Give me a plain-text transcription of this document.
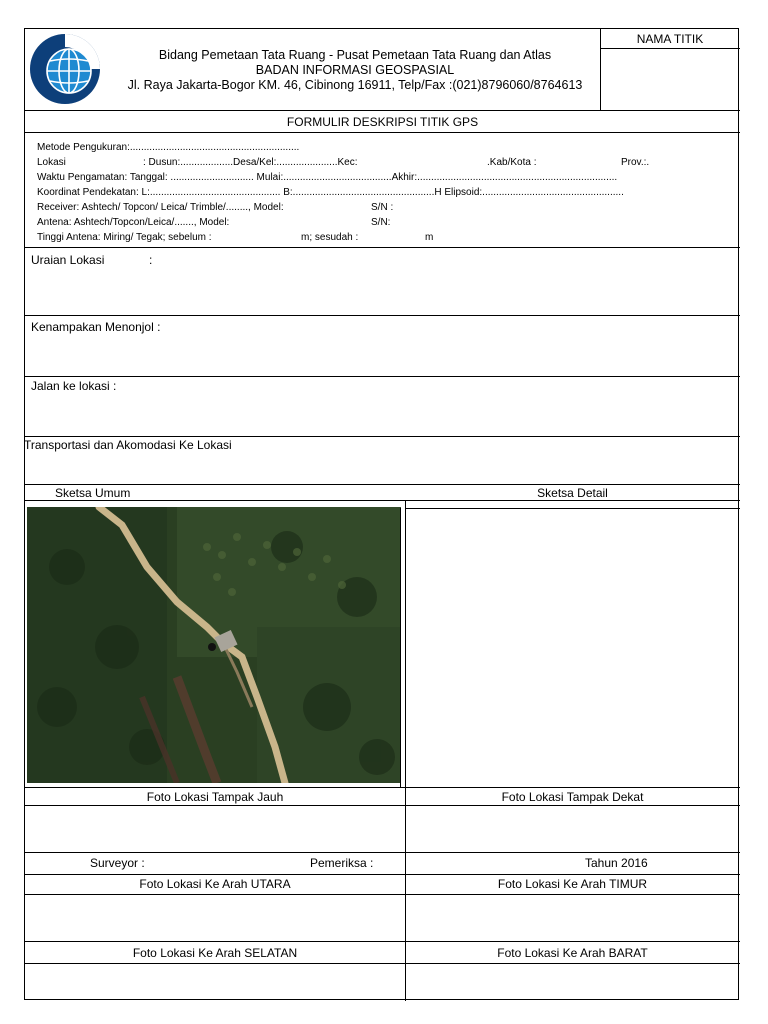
Bidang Pemetaan Tata Ruang - Pusat Pemetaan Tata Ruang dan Atlas
BADAN INFORMASI GEOSPASIAL
Jl. Raya Jakarta-Bogor KM. 46, Cibinong 16911, Telp/Fax :(021)8796060/8764613
NAMA TITIK
FORMULIR DESKRIPSI TITIK GPS
Metode Pengukuran:.............................................................
Lokasi	: Dusun:...................Desa/Kel:......................Kec:	.Kab/Kota :	Prov.:.
Waktu Pengamatan: Tanggal: .............................. Mulai:.......................................Akhir:........................................................................
Koordinat Pendekatan: L:............................................... B:...................................................H Elipsoid:...................................................
Receiver: Ashtech/ Topcon/ Leica/ Trimble/........, Model:	S/N :
Antena: Ashtech/Topcon/Leica/......., Model:	S/N:
Tinggi Antena: Miring/ Tegak; sebelum :	m; sesudah :	m
Uraian Lokasi	:
Kenampakan Menonjol :
Jalan ke lokasi :
Transportasi dan Akomodasi Ke Lokasi
Sketsa Umum	Sketsa Detail
Foto Lokasi Tampak Jauh	Foto Lokasi Tampak Dekat
Surveyor :	Pemeriksa :	Tahun 2016
Foto Lokasi Ke Arah UTARA	Foto Lokasi Ke Arah TIMUR
Foto Lokasi Ke Arah SELATAN	Foto Lokasi Ke Arah BARAT
